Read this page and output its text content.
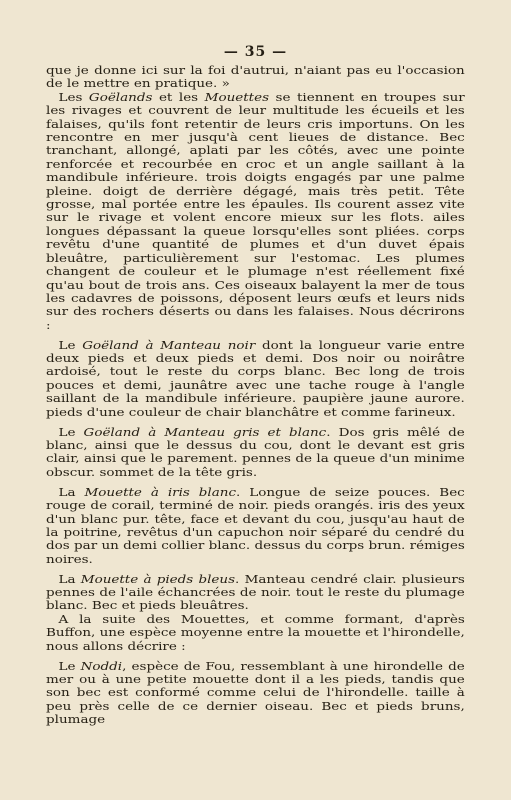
— 35 —

que je donne ici sur la foi d'autrui, n'aiant pas eu l'occasion de le mettre en pratique. »

Les Goëlands et les Mouettes se tiennent en troupes sur les rivages et couvrent de leur multitude les écueils et les falaises, qu'ils font retentir de leurs cris importuns. On les rencontre en mer jusqu'à cent lieues de distance. Bec tranchant, allongé, aplati par les côtés, avec une pointe renforcée et recourbée en croc et un angle saillant à la mandibule inférieure. trois doigts engagés par une palme pleine. doigt de derrière dégagé, mais très petit. Tête grosse, mal portée entre les épaules. Ils courent assez vite sur le rivage et volent encore mieux sur les flots. ailes longues dépassant la queue lorsqu'elles sont pliées. corps revêtu d'une quantité de plumes et d'un duvet épais bleuâtre, particulièrement sur l'estomac. Les plumes changent de couleur et le plumage n'est réellement fixé qu'au bout de trois ans. Ces oiseaux balayent la mer de tous les cadavres de poissons, déposent leurs œufs et leurs nids sur des rochers déserts ou dans les falaises. Nous décrirons :

Le Goëland à Manteau noir dont la longueur varie entre deux pieds et deux pieds et demi. Dos noir ou noirâtre ardoisé, tout le reste du corps blanc. Bec long de trois pouces et demi, jaunâtre avec une tache rouge à l'angle saillant de la mandibule inférieure. paupière jaune aurore. pieds d'une couleur de chair blanchâtre et comme farineux.

Le Goëland à Manteau gris et blanc. Dos gris mêlé de blanc, ainsi que le dessus du cou, dont le devant est gris clair, ainsi que le parement. pennes de la queue d'un minime obscur. sommet de la tête gris.

La Mouette à iris blanc. Longue de seize pouces. Bec rouge de corail, terminé de noir. pieds orangés. iris des yeux d'un blanc pur. tête, face et devant du cou, jusqu'au haut de la poitrine, revêtus d'un capuchon noir séparé du cendré du dos par un demi collier blanc. dessus du corps brun. rémiges noires.

La Mouette à pieds bleus. Manteau cendré clair. plusieurs pennes de l'aile échancrées de noir. tout le reste du plumage blanc. Bec et pieds bleuâtres.

A la suite des Mouettes, et comme formant, d'après Buffon, une espèce moyenne entre la mouette et l'hirondelle, nous allons décrire :

Le Noddi, espèce de Fou, ressemblant à une hirondelle de mer ou à une petite mouette dont il a les pieds, tandis que son bec est conformé comme celui de l'hirondelle. taille à peu près celle de ce dernier oiseau. Bec et pieds bruns, plumage
